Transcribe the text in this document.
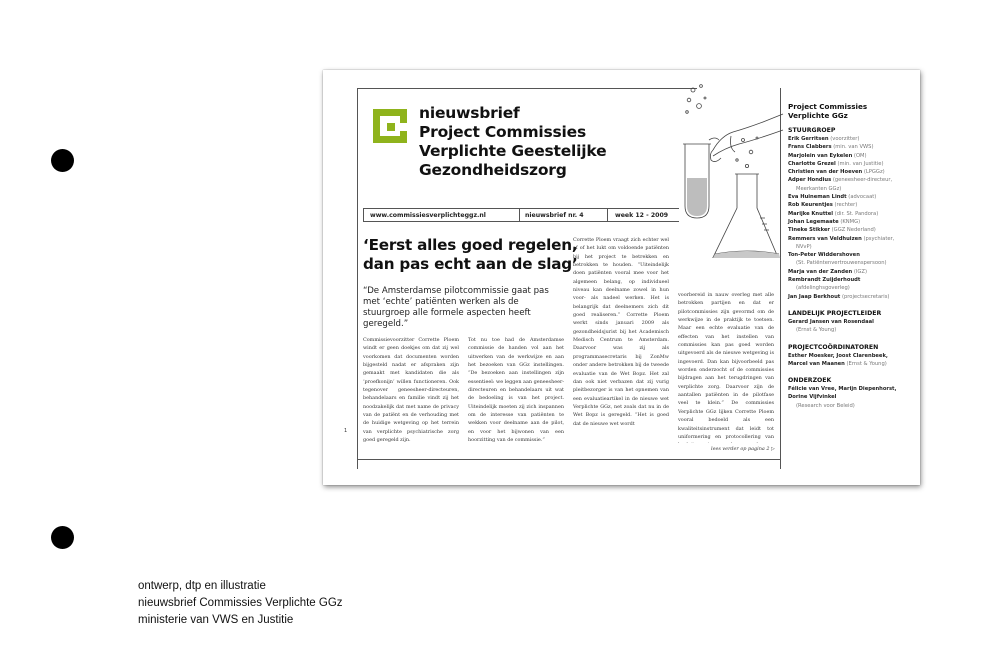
nieuwsbrief
Project Commissies
Verplichte Geestelijke
Gezondheidszorg
www.commissiesverplichteggz.nl	nieuwsbrief nr. 4	week 12 - 2009
‘Eerst alles goed regelen,
dan pas echt aan de slag’
“De Amsterdamse pilotcommissie gaat pas met ‘echte’ patiënten werken als de stuurgroep alle formele aspecten heeft geregeld.”

Commissievoorzitter Corrette Ploem windt er geen doekjes om dat zij wel voorkomen dat documenten worden bijgesteld nadat er afspraken zijn gemaakt met kandidaten die als ‘proefkonijn’ willen functioneren. Ook tegenover geneesheer-directeuren, behandelaars en familie vindt zij het noodzakelijk dat met name de privacy van de patiënt en de verhouding met de huidige wetgeving op het terrein van verplichte psychiatrische zorg goed geregeld zijn.

Tot nu toe had de Amsterdamse commissie de handen vol aan het uitwerken van de werkwijze en aan het bezoeken van GGz instellingen. “De bezoeken aan instellingen zijn essentieel: we leggen aan geneesheer-directeuren en behandelaars uit wat de bedoeling is van het project. Uiteindelijk moeten zij zich inspannen om de interesse van patiënten te wekken voor deelname aan de pilot, en voor het bijwonen van een hoorzitting van de commissie.”

Corrette Ploem vraagt zich echter wel af of het lukt om voldoende patiënten bij het project te betrekken en betrokken te houden. “Uiteindelijk doen patiënten vooral mee voor het algemeen belang, op individueel niveau kan deelname zowel in hun voor- als nadeel werken. Het is belangrijk dat deelnemers zich dit goed realiseren.” Corrette Ploem werkt sinds januari 2009 als gezondheidsjurist bij het Academisch Medisch Centrum te Amsterdam. Daarvoor was zij als programmasecretaris bij ZonMw onder andere betrokken bij de tweede evaluatie van de Wet Bopz. Het zal dan ook niet verbazen dat zij vurig pleitbezorger is van het opnemen van een evaluatieartikel in de nieuwe wet Verplichte GGz, net zoals dat nu in de Wet Bopz is geregeld. “Het is goed dat de nieuwe wet wordt

voorbereid in nauw overleg met alle betrokken partijen en dat er pilotcommissies zijn gevormd om de werkwijze in de praktijk te toetsen. Maar een echte evaluatie van de effecten van het instellen van commissies kan pas goed worden uitgevoerd als de nieuwe wetgeving is ingevoerd. Dan kan bijvoorbeeld pas worden onderzocht of de commissies bijdragen aan het terugdringen van verplichte zorg. Daarvoor zijn de aantallen patiënten in de pilotfase veel te klein.” De commissies Verplichte GGz lijken Corrette Ploem vooral bedoeld als een kwaliteitsinstrument dat leidt tot uniformering en protocollering van

lees verder op pagina 2 ▷
1
Project Commissies Verplichte GGz
STUURGROEP
Erik Gerritsen (voorzitter)
Frans Clabbers (min. van VWS)
Marjolein van Eykelen (OM)
Charlotte Grezel (min. van Justitie)
Christien van der Hoeven (LPGGz)
Adper Hondius (geneesheer-directeur,
Meerkanten GGz)
Eva Huineman Lindt (advocaat)
Rob Keurentjes (rechter)
Marijke Knuttel (dir. St. Pandora)
Johan Legemaate (KNMG)
Tineke Stikker (GGZ Nederland)
Remmers van Veldhuizen (psychiater,
NVvP)
Ton-Peter Widdershoven
(St. Patiëntenvertrouwenspersoon)
Marja van der Zanden (IGZ)
Rembrandt Zuijderhoudt
(afdelinghsgoverleg)
Jan Jaap Berkhout (projectsecretaris)
LANDELIJK PROJECTLEIDER
Gerard Jansen van Rosendaal
(Ernst & Young)
PROJECTCOÖRDINATOREN
Esther Moesker, Joost Clarenbeek,
Marcel van Maanen (Ernst & Young)
ONDERZOEK
Félicie van Vree, Marijn Diepenhorst,
Dorine Vijfvinkel
(Research voor Beleid)
ontwerp, dtp en illustratie
nieuwsbrief Commissies Verplichte GGz
ministerie van VWS en Justitie
